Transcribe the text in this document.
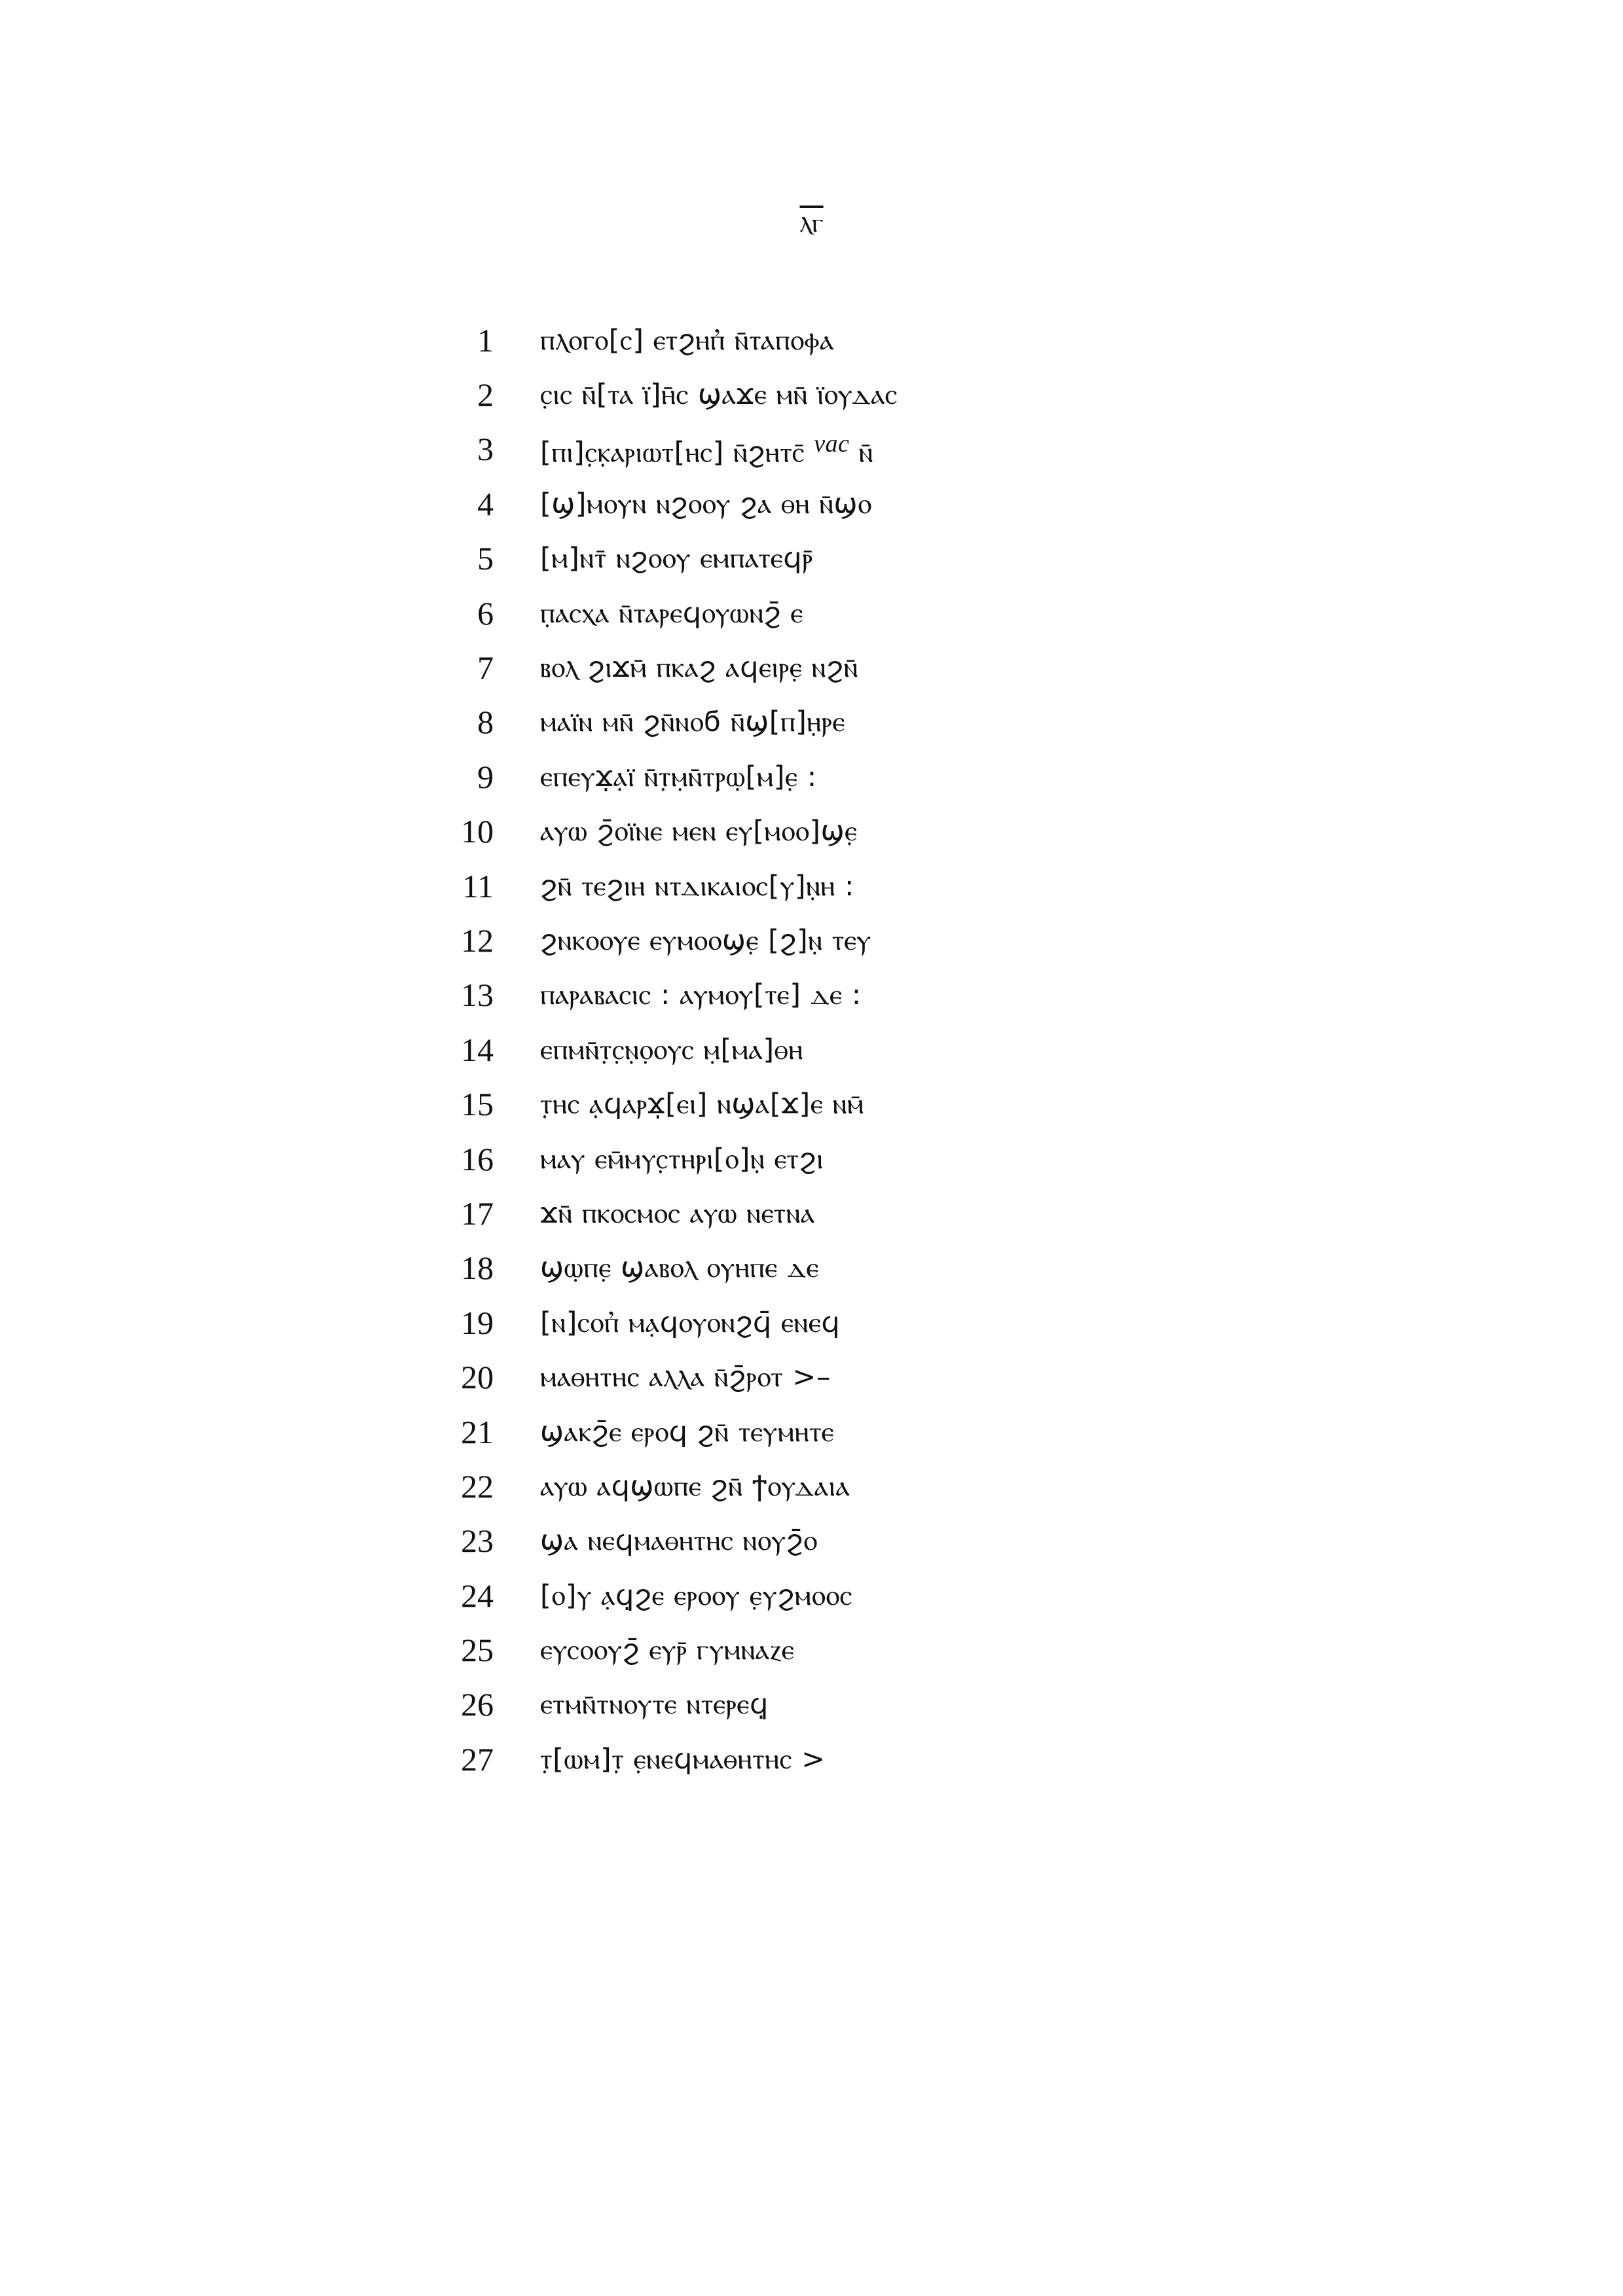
ⲗⲅ
1 ⲡⲗⲟⲅⲟ[ⲥ] ⲉⲧϩⲏⲡ̓ ⲛ̄ⲧⲁⲡⲟⲫⲁ
2 ⲥ̣ⲓⲥ ⲛ̄[ⲧⲁ ⲓ̈]ⲏ̄ⲥ ϣⲁϫⲉ ⲙⲛ̄ ⲓ̈ⲟⲩⲇⲁⲥ
3 [ⲡⲓ]ⲥ̣ⲕ̣ⲁⲣⲓⲱⲧ[ⲏⲥ] ⲛ̄ϩⲏⲧⲥ̄ $^{vac}$ ⲛ̄
4 [ϣ]ⲙⲟⲩⲛ ⲛϩⲟⲟⲩ ϩⲁ ⲑⲏ ⲛ̄ϣⲟ
5 [ⲙ]ⲛⲧ̄ ⲛϩⲟⲟⲩ ⲉⲙⲡⲁⲧⲉϥⲣ̄
6 ⲡ̣ⲁⲥⲭⲁ ⲛ̄ⲧⲁⲣⲉϥⲟⲩⲱⲛϩ̄ ⲉ
7 ⲃⲟⲗ ϩⲓϫⲙ̄ ⲡⲕⲁϩ ⲁϥⲉⲓⲣⲉ̣ ⲛϩⲛ̄
8 ⲙⲁⲓ̈ⲛ ⲙⲛ̄ ϩⲛ̄ⲛⲟϭ ⲛ̄ϣ[ⲡ]ⲏ̣ⲣⲉ
9 ⲉⲡⲉⲩϫ̣ⲁ̣ⲓ̈ ⲛ̄ⲧ̣ⲙ̣ⲛ̄ⲧⲣ̣ⲱ̣[ⲙ]ⲉ̣ :
10 ⲁⲩⲱ ϩ̄ⲟⲓ̈ⲛⲉ ⲙⲉⲛ ⲉⲩ̣[ⲙⲟⲟ]ϣⲉ̣
11 ϩⲛ̄ ⲧⲉϩⲓⲏ ⲛⲧⲇⲓⲕⲁⲓⲟⲥ[ⲩ]ⲛ̣ⲏ :
12 ϩⲛⲕⲟⲟⲩⲉ ⲉⲩⲙⲟⲟϣⲉ̣ [ϩ]ⲛ̣ ⲧⲉⲩ
13 ⲡⲁⲣⲁⲃⲁⲥⲓⲥ : ⲁⲩⲙⲟⲩ̣[ⲧⲉ] ⲇⲉ :
14 ⲉⲡⲙⲛ̄ⲧ̣ⲥ̣ⲛ̣ⲟ̣ⲟⲩⲥ ⲙ̣[ⲙⲁ]ⲑⲏ
15 ⲧ̣ⲏⲥ ⲁ̣ϥⲁⲣϫ̣[ⲉⲓ] ⲛϣⲁ[ϫ]ⲉ ⲛⲙ̄
16 ⲙⲁⲩ ⲉⲙ̄ⲙⲩⲥ̣ⲧⲏⲣⲓ[ⲟ]ⲛ̣ ⲉⲧϩⲓ
17 ϫⲛ̄ ⲡⲕⲟⲥⲙⲟⲥ ⲁⲩⲱ ⲛⲉⲧⲛⲁ
18 ϣⲱ̣ⲡⲉ̣ ϣⲁⲃⲟⲗ ⲟⲩⲏⲡⲉ ⲇⲉ
19 [ⲛ]ⲥⲟⲡ̓ ⲙⲁ̣ϥⲟⲩⲟⲛϩϥ̄ ⲉⲛⲉϥ
20 ⲙⲁⲑⲏⲧⲏⲥ ⲁⲗⲗⲁ ⲛ̄ϩ̄ⲣⲟⲧ >–
21 ϣⲁⲕϩ̄ⲉ ⲉⲣⲟϥ ϩⲛ̄ ⲧⲉⲩⲙⲏⲧⲉ
22 ⲁⲩⲱ ⲁϥϣⲱⲡⲉ ϩⲛ̄ ϯⲟⲩⲇⲁⲓⲁ
23 ϣⲁ ⲛⲉϥⲙⲁⲑⲏⲧⲏⲥ ⲛⲟⲩϩ̄ⲟ
24 [ⲟ]ⲩ̣ ⲁ̣ϥ̣ϩⲉ ⲉⲣⲟⲟⲩ ⲉ̣ⲩϩⲙⲟⲟⲥ
25 ⲉⲩⲥⲟⲟⲩϩ̄ ⲉⲩⲣ̄ ⲅⲩⲙⲛⲁⲍⲉ
26 ⲉⲧⲙⲛ̄ⲧⲛⲟⲩⲧⲉ ⲛⲧⲉⲣⲉϥ̣
27 ⲧ̣[ⲱⲙ]ⲧ̣ ⲉ̣ⲛⲉϥⲙⲁⲑⲏⲧⲏⲥ >
